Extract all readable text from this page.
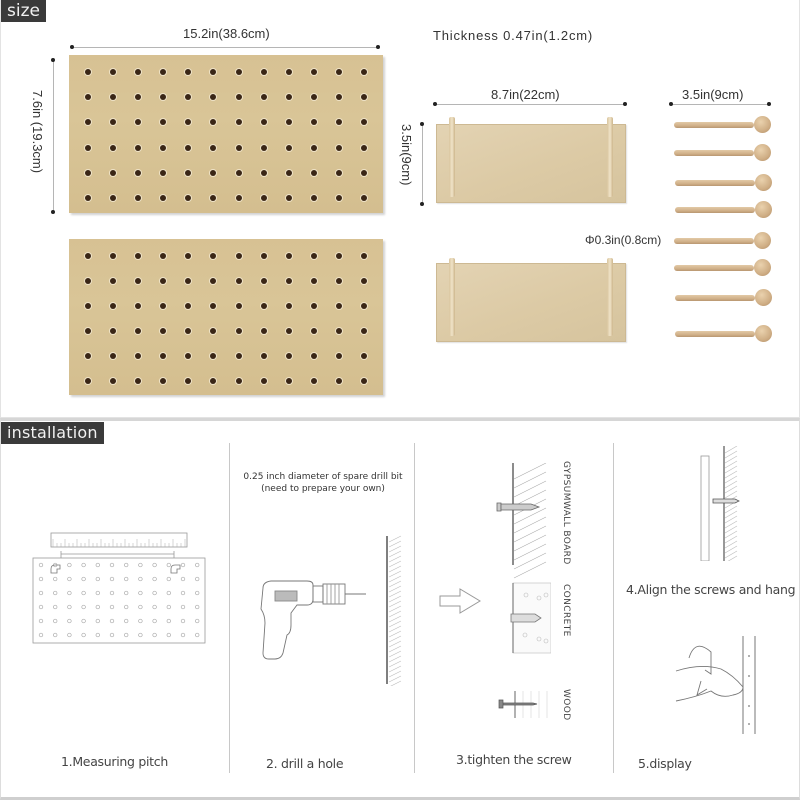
size
15.2in(38.6cm)
7.6in (19.3cm)
Thickness 0.47in(1.2cm)
8.7in(22cm)
3.5in(9cm)
3.5in(9cm)
Φ0.3in(0.8cm)
installation
0.25 inch diameter of spare drill bit
(need to prepare your own)	GYPSUMWALL BOARD
CONCRETE
WOOD
4.Align the screws and hang
1.Measuring pitch	2. drill a hole	3.tighten the screw	5.display
